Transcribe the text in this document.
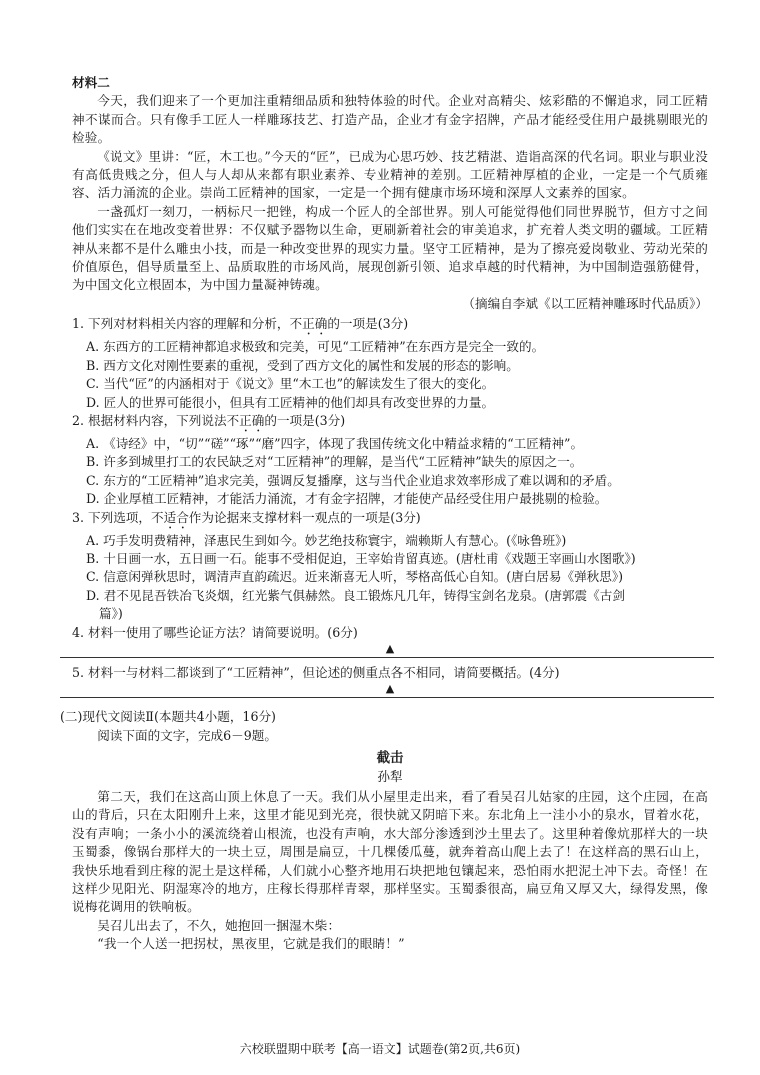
材料二

今天，我们迎来了一个更加注重精细品质和独特体验的时代。企业对高精尖、炫彩酷的不懈追求，同工匠精神不谋而合。只有像手工匠人一样雕琢技艺、打造产品，企业才有金字招牌，产品才能经受住用户最挑剔眼光的检验。

《说文》里讲：“匠，木工也。”今天的“匠”，已成为心思巧妙、技艺精湛、造诣高深的代名词。职业与职业没有高低贵贱之分，但人与人却从来都有职业素养、专业精神的差别。工匠精神厚植的企业，一定是一个气质雍容、活力涌流的企业。崇尚工匠精神的国家，一定是一个拥有健康市场环境和深厚人文素养的国家。

一盏孤灯一刻刀，一柄标尺一把锉，构成一个匠人的全部世界。别人可能觉得他们同世界脱节，但方寸之间他们实实在在地改变着世界：不仅赋予器物以生命，更刷新着社会的审美追求，扩充着人类文明的疆域。工匠精神从来都不是什么雕虫小技，而是一种改变世界的现实力量。坚守工匠精神，是为了擦亮爱岗敬业、劳动光荣的价值原色，倡导质量至上、品质取胜的市场风尚，展现创新引领、追求卓越的时代精神，为中国制造强筋健骨，为中国文化立根固本，为中国力量凝神铸魂。

（摘编自李斌《以工匠精神雕琢时代品质》）

1. 下列对材料相关内容的理解和分析，不正确的一项是(3分)

A. 东西方的工匠精神都追求极致和完美，可见“工匠精神”在东西方是完全一致的。

B. 西方文化对刚性要素的重视，受到了西方文化的属性和发展的形态的影响。

C. 当代“匠”的内涵相对于《说文》里“木工也”的解读发生了很大的变化。

D. 匠人的世界可能很小，但具有工匠精神的他们却具有改变世界的力量。

2. 根据材料内容，下列说法不正确的一项是(3分)

A. 《诗经》中，“切”“磋”“琢”“磨”四字，体现了我国传统文化中精益求精的“工匠精神”。

B. 许多到城里打工的农民缺乏对“工匠精神”的理解，是当代“工匠精神”缺失的原因之一。

C. 东方的“工匠精神”追求完美，强调反复播摩，这与当代企业追求效率形成了难以调和的矛盾。

D. 企业厚植工匠精神，才能活力涌流，才有金字招牌，才能使产品经受住用户最挑剔的检验。

3. 下列选项，不适合作为论据来支撑材料一观点的一项是(3分)

A. 巧手发明费精神，泽惠民生到如今。妙艺绝技称寰宇，端赖斯人有慧心。(《咏鲁班》)

B. 十日画一水，五日画一石。能事不受相促迫，王宰始肯留真迹。(唐杜甫《戏题王宰画山水图歌》)

C. 信意闲弹秋思时，调清声直韵疏迟。近来渐喜无人听，琴格高低心自知。(唐白居易《弹秋思》)

D. 君不见昆吾铁冶飞炎烟，红光紫气俱赫然。良工锻炼凡几年，铸得宝剑名龙泉。(唐郭震《古剑

篇》)

4. 材料一使用了哪些论证方法？请简要说明。(6分)

▲

5. 材料一与材料二都谈到了“工匠精神”，但论述的侧重点各不相同，请简要概括。(4分)

▲

(二)现代文阅读Ⅱ(本题共4小题，16分)

阅读下面的文字，完成6－9题。

截击

孙犁

第二天，我们在这高山顶上休息了一天。我们从小屋里走出来，看了看吴召儿姑家的庄园，这个庄园，在高山的背后，只在太阳刚升上来，这里才能见到光亮，很快就又阴暗下来。东北角上一洼小小的泉水，冒着水花，没有声响；一条小小的溪流绕着山根流，也没有声响，水大部分渗透到沙土里去了。这里种着像炕那样大的一块玉蜀黍，像锅台那样大的一块土豆，周围是扁豆，十几棵倭瓜蔓，就奔着高山爬上去了！在这样高的黑石山上，我快乐地看到庄稼的泥土是这样稀，人们就小心整齐地用石块把地包镶起来，恐怕雨水把泥土冲下去。奇怪！在这样少见阳光、阴湿寒冷的地方，庄稼长得那样青翠，那样坚实。玉蜀黍很高，扁豆角又厚又大，绿得发黑，像说梅花调用的铁响板。

吴召儿出去了，不久，她抱回一捆湿木柴：

“我一个人送一把拐杖，黑夜里，它就是我们的眼睛！”

六校联盟期中联考【高一语文】试题卷(第2页,共6页)
